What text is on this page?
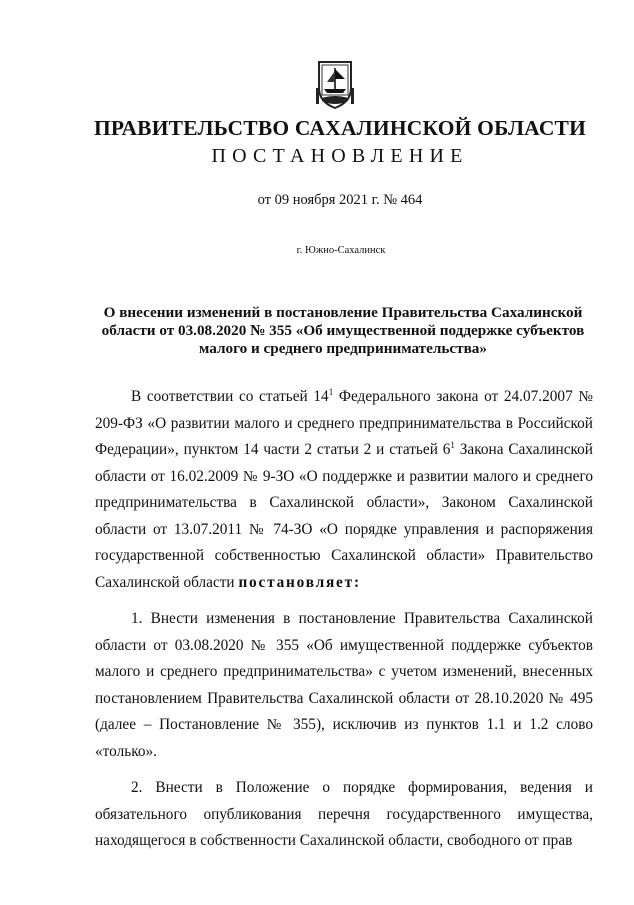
ПРАВИТЕЛЬСТВО САХАЛИНСКОЙ ОБЛАСТИ
ПОСТАНОВЛЕНИЕ
от 09 ноября 2021 г. № 464
г. Южно-Сахалинск
О внесении изменений в постановление Правительства Сахалинской
области от 03.08.2020 № 355 «Об имущественной поддержке субъектов
малого и среднего предпринимательства»

В соответствии со статьей $14^1$ Федерального закона от 24.07.2007 № 209-ФЗ «О развитии малого и среднего предпринимательства в Российской Федерации», пунктом 14 части 2 статьи 2 и статьей $6^1$ Закона Сахалинской области от 16.02.2009 № 9-ЗО «О поддержке и развитии малого и среднего предпринимательства в Сахалинской области», Законом Сахалинской области от 13.07.2011 № 74-ЗО «О порядке управления и распоряжения государственной собственностью Сахалинской области» Правительство Сахалинской области постановляет:

1. Внести изменения в постановление Правительства Сахалинской области от 03.08.2020 № 355 «Об имущественной поддержке субъектов малого и среднего предпринимательства» с учетом изменений, внесенных постановлением Правительства Сахалинской области от 28.10.2020 № 495 (далее – Постановление № 355), исключив из пунктов 1.1 и 1.2 слово «только».

2. Внести в Положение о порядке формирования, ведения и обязательного опубликования перечня государственного имущества, находящегося в собственности Сахалинской области, свободного от прав
